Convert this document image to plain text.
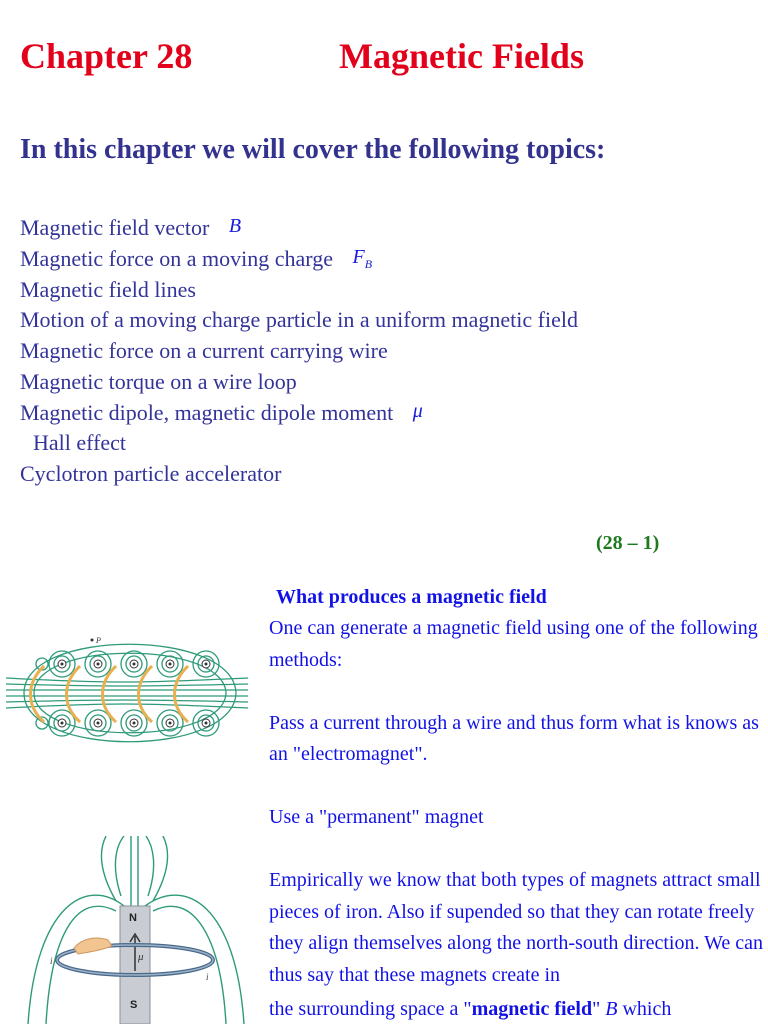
Chapter 28	Magnetic Fields
In this chapter we will cover the following topics:
Magnetic field vector B
Magnetic force on a moving charge $F_B$
Magnetic field lines
Motion of a moving charge particle in a uniform magnetic field
Magnetic force on a current carrying wire
Magnetic torque on a wire loop
Magnetic dipole, magnetic dipole moment μ
Hall effect
Cyclotron particle accelerator
(28 – 1)
What produces a magnetic field

One can generate a magnetic field using one of the following methods:

Pass a current through a wire and thus form what is knows as an "electromagnet".

Use a "permanent" magnet

Empirically we know that both types of magnets attract small pieces of iron. Also if supended so that they can rotate freely they align themselves along the north-south direction. We can thus say that these magnets create in

the surrounding space a "magnetic field" B which

P
N
S
μ
i
i
